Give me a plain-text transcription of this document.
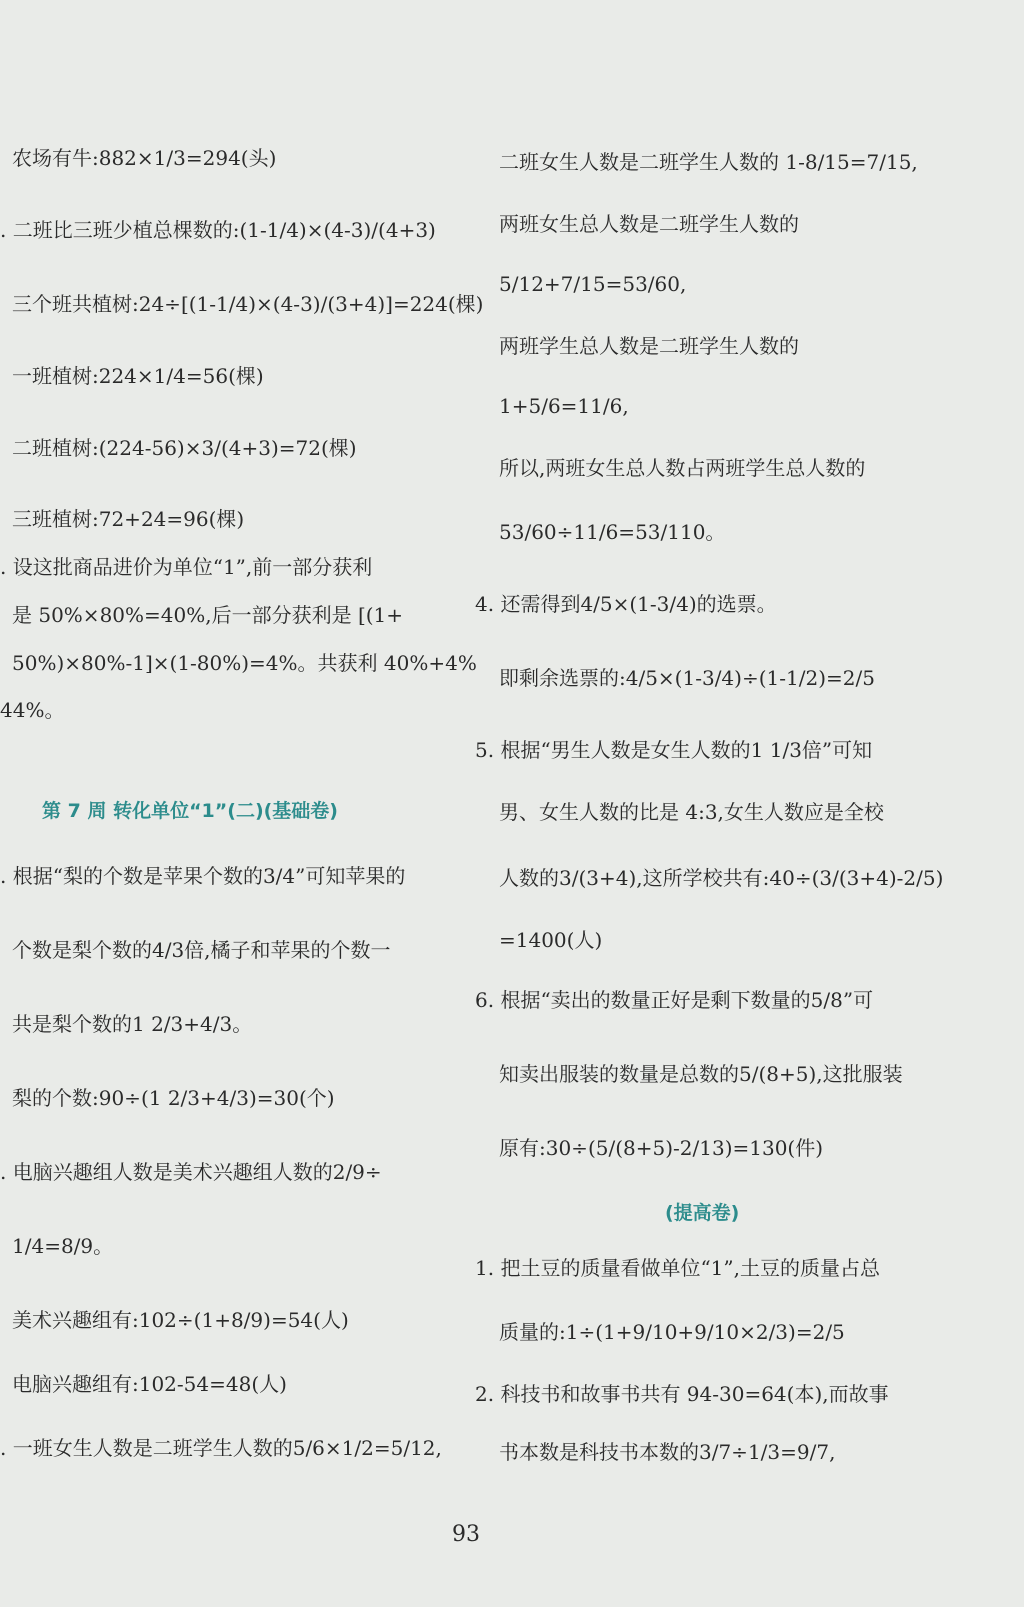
农场有牛:882×1/3=294(头)
. 二班比三班少植总棵数的:(1-1/4)×(4-3)/(4+3)
三个班共植树:24÷[(1-1/4)×(4-3)/(3+4)]=224(棵)
一班植树:224×1/4=56(棵)
二班植树:(224-56)×3/(4+3)=72(棵)
三班植树:72+24=96(棵)
. 设这批商品进价为单位“1”,前一部分获利
是 50%×80%=40%,后一部分获利是 [(1+
50%)×80%-1]×(1-80%)=4%。共获利 40%+4%
44%。
第 7 周 转化单位“1”(二)(基础卷)
. 根据“梨的个数是苹果个数的3/4”可知苹果的
个数是梨个数的4/3倍,橘子和苹果的个数一
共是梨个数的1 2/3+4/3。
梨的个数:90÷(1 2/3+4/3)=30(个)
. 电脑兴趣组人数是美术兴趣组人数的2/9÷
1/4=8/9。
美术兴趣组有:102÷(1+8/9)=54(人)
电脑兴趣组有:102-54=48(人)
. 一班女生人数是二班学生人数的5/6×1/2=5/12,
二班女生人数是二班学生人数的 1-8/15=7/15,
两班女生总人数是二班学生人数的
5/12+7/15=53/60,
两班学生总人数是二班学生人数的
1+5/6=11/6,
所以,两班女生总人数占两班学生总人数的
53/60÷11/6=53/110。
4. 还需得到4/5×(1-3/4)的选票。
即剩余选票的:4/5×(1-3/4)÷(1-1/2)=2/5
5. 根据“男生人数是女生人数的1 1/3倍”可知
男、女生人数的比是 4:3,女生人数应是全校
人数的3/(3+4),这所学校共有:40÷(3/(3+4)-2/5)
=1400(人)
6. 根据“卖出的数量正好是剩下数量的5/8”可
知卖出服装的数量是总数的5/(8+5),这批服装
原有:30÷(5/(8+5)-2/13)=130(件)
(提高卷)
1. 把土豆的质量看做单位“1”,土豆的质量占总
质量的:1÷(1+9/10+9/10×2/3)=2/5
2. 科技书和故事书共有 94-30=64(本),而故事
书本数是科技书本数的3/7÷1/3=9/7,
93
